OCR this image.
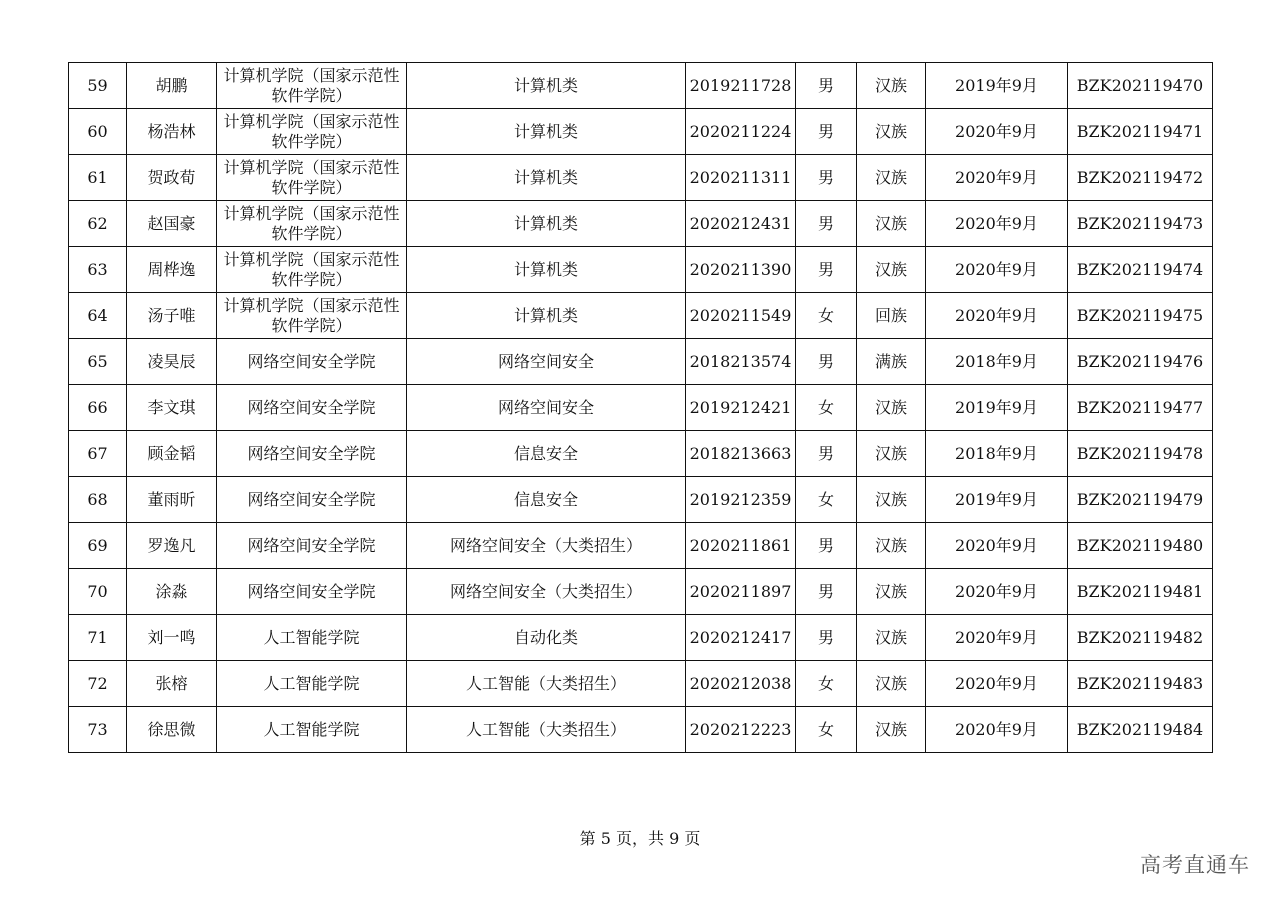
59	胡鹏	计算机学院（国家示范性软件学院）	计算机类	2019211728	男	汉族	2019年9月	BZK202119470
60	杨浩林	计算机学院（国家示范性软件学院）	计算机类	2020211224	男	汉族	2020年9月	BZK202119471
61	贺政荀	计算机学院（国家示范性软件学院）	计算机类	2020211311	男	汉族	2020年9月	BZK202119472
62	赵国豪	计算机学院（国家示范性软件学院）	计算机类	2020212431	男	汉族	2020年9月	BZK202119473
63	周桦逸	计算机学院（国家示范性软件学院）	计算机类	2020211390	男	汉族	2020年9月	BZK202119474
64	汤子唯	计算机学院（国家示范性软件学院）	计算机类	2020211549	女	回族	2020年9月	BZK202119475
65	凌昊辰	网络空间安全学院	网络空间安全	2018213574	男	满族	2018年9月	BZK202119476
66	李文琪	网络空间安全学院	网络空间安全	2019212421	女	汉族	2019年9月	BZK202119477
67	顾金韬	网络空间安全学院	信息安全	2018213663	男	汉族	2018年9月	BZK202119478
68	董雨昕	网络空间安全学院	信息安全	2019212359	女	汉族	2019年9月	BZK202119479
69	罗逸凡	网络空间安全学院	网络空间安全（大类招生）	2020211861	男	汉族	2020年9月	BZK202119480
70	涂淼	网络空间安全学院	网络空间安全（大类招生）	2020211897	男	汉族	2020年9月	BZK202119481
71	刘一鸣	人工智能学院	自动化类	2020212417	男	汉族	2020年9月	BZK202119482
72	张榕	人工智能学院	人工智能（大类招生）	2020212038	女	汉族	2020年9月	BZK202119483
73	徐思微	人工智能学院	人工智能（大类招生）	2020212223	女	汉族	2020年9月	BZK202119484
第 5 页，共 9 页
高考直通车
